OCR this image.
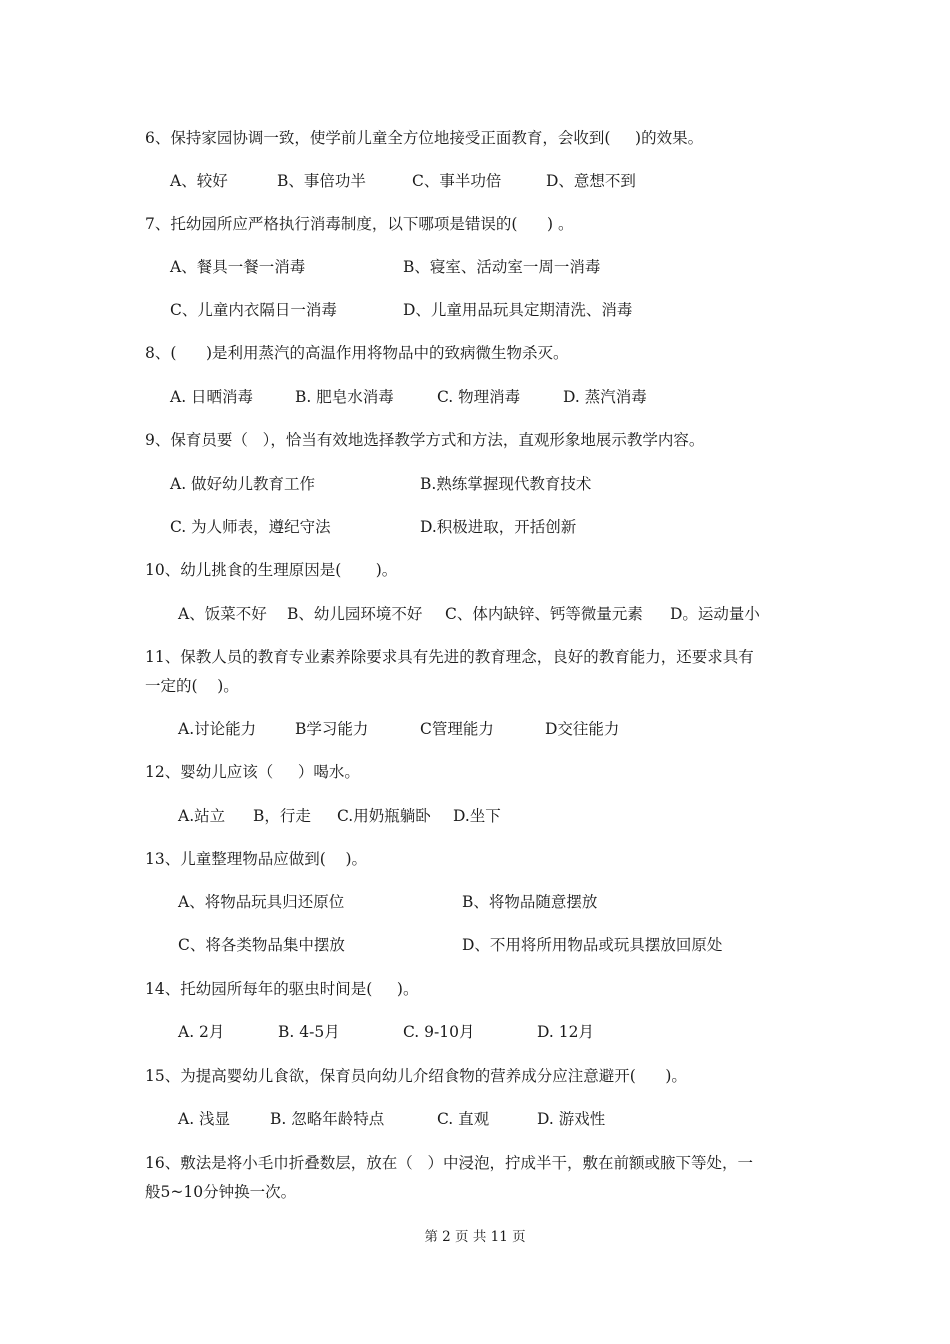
6、保持家园协调一致，使学前儿童全方位地接受正面教育，会收到(     )的效果。
A、较好	B、事倍功半	C、事半功倍	D、意想不到
7、托幼园所应严格执行消毒制度，以下哪项是错误的(      ) 。
A、餐具一餐一消毒	B、寝室、活动室一周一消毒
C、儿童内衣隔日一消毒	D、儿童用品玩具定期清洗、消毒
8、(      )是利用蒸汽的高温作用将物品中的致病微生物杀灭。
A. 日晒消毒	B. 肥皂水消毒	C. 物理消毒	D. 蒸汽消毒
9、保育员要（   ），恰当有效地选择教学方式和方法，直观形象地展示教学内容。
A. 做好幼儿教育工作	B.熟练掌握现代教育技术
C. 为人师表，遵纪守法	D.积极进取，开括创新
10、幼儿挑食的生理原因是(       )。
A、饭菜不好 B、幼儿园环境不好 C、体内缺锌、钙等微量元素 D。运动量小
11、保教人员的教育专业素养除要求具有先进的教育理念，良好的教育能力，还要求具有
一定的(    )。
A.讨论能力	B学习能力	C管理能力	D交往能力
12、婴幼儿应该（     ）喝水。
A.站立 B，行走 C.用奶瓶躺卧 D.坐下
13、儿童整理物品应做到(    )。
A、将物品玩具归还原位	B、将物品随意摆放
C、将各类物品集中摆放	D、不用将所用物品或玩具摆放回原处
14、托幼园所每年的驱虫时间是(     )。
A. 2月	B. 4-5月	C. 9-10月	D. 12月
15、为提高婴幼儿食欲，保育员向幼儿介绍食物的营养成分应注意避开(      )。
A. 浅显	B. 忽略年龄特点	C. 直观	D. 游戏性
16、敷法是将小毛巾折叠数层，放在（   ）中浸泡，拧成半干，敷在前额或腋下等处，一
般5~10分钟换一次。
第 2 页 共 11 页
